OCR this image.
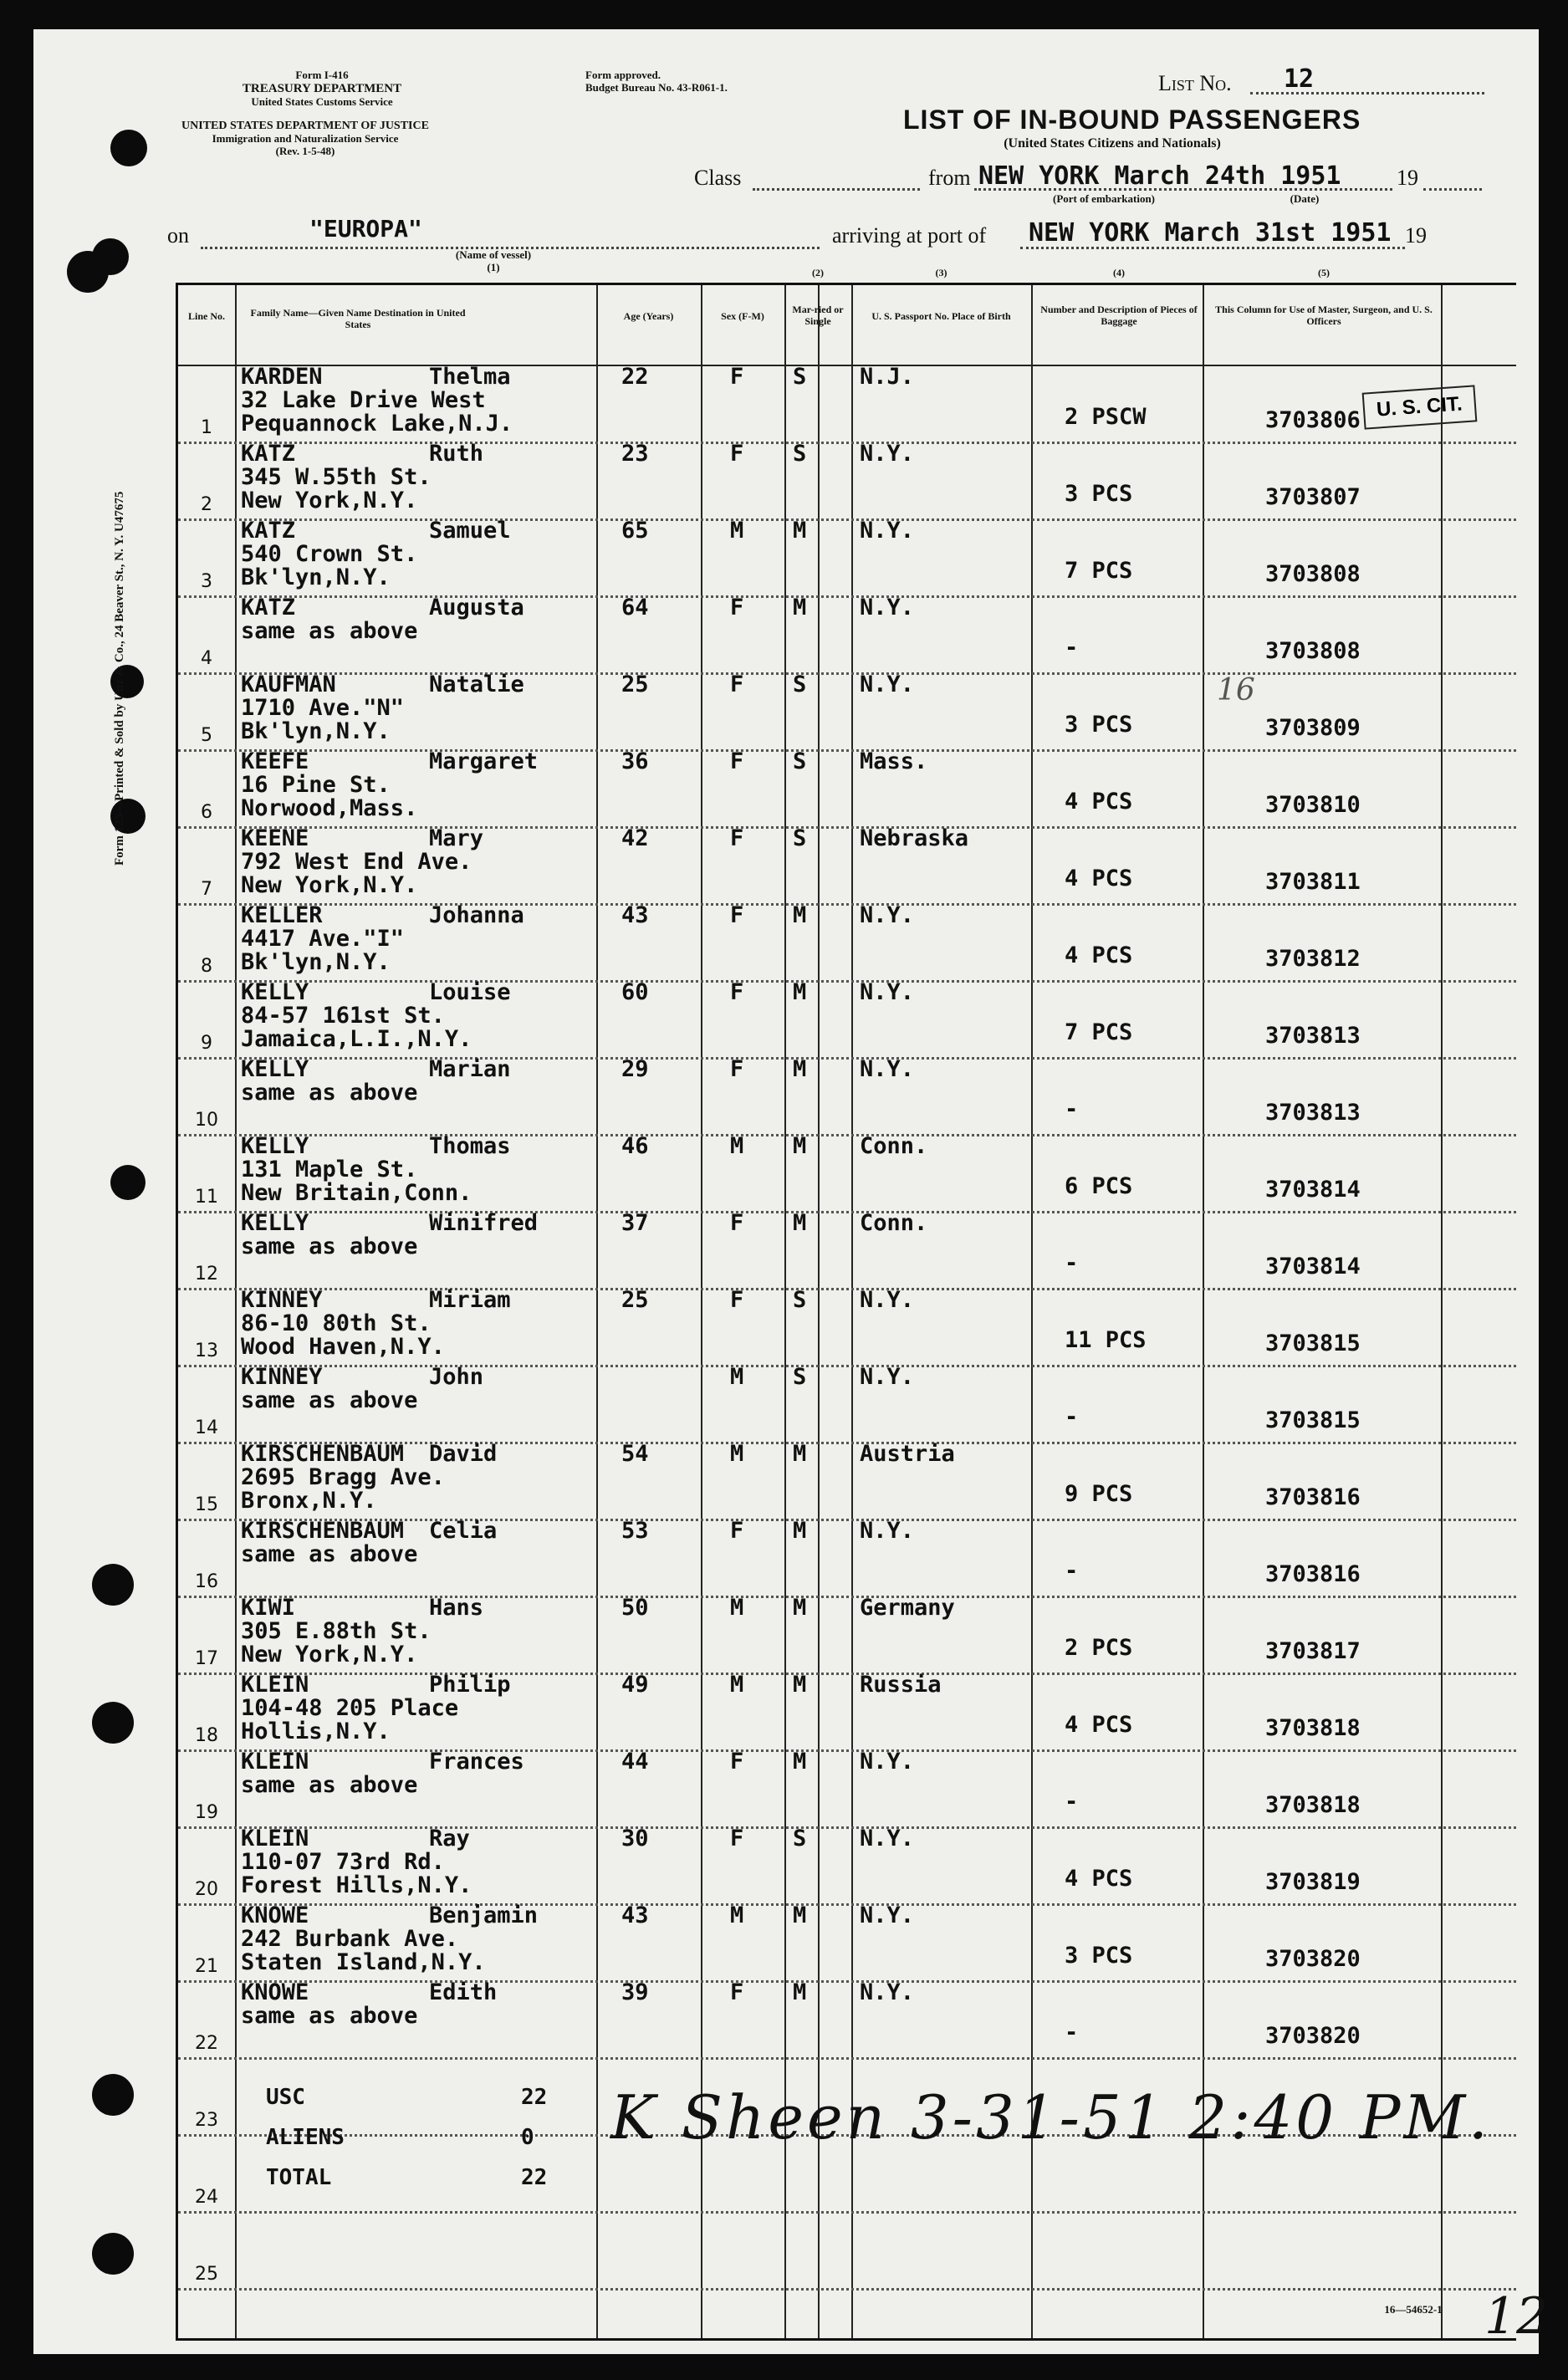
Form 125—Printed & Sold by Unz & Co., 24 Beaver St., N. Y. U47675
Form I-416
TREASURY DEPARTMENT
United States Customs Service
UNITED STATES DEPARTMENT OF JUSTICE
Immigration and Naturalization Service
(Rev. 1-5-48)
Form approved.
Budget Bureau No. 43-R061-1.	List No. 12
LIST OF IN-BOUND PASSENGERS
(United States Citizens and Nationals)
Class	from NEW YORK March 24th 1951	19
(Port of embarkation)	(Date)
on	"EUROPA"
(Name of vessel)
(1)
arriving at port of NEW YORK March 31st 1951 19
Line No.	Family Name—Given Name Destination in United States
Age (Years)	Sex (F-M)
Mar-ried or Single
(2)
U. S. Passport No. Place of Birth
(3)
Number and Description of Pieces of Baggage
(4)
This Column for Use of Master, Surgeon, and U. S. Officers
(5)
1
KARDEN	Thelma
32 Lake Drive West
Pequannock Lake,N.J.
22	F S N.J.
2 PSCW	3703806
2
KATZ	Ruth
345 W.55th St.
New York,N.Y.
23	F S N.Y.
3 PCS	3703807
3
KATZ	Samuel
540 Crown St.
Bk'lyn,N.Y.
65	M M N.Y.
7 PCS	3703808
4
KATZ	Augusta
same as above
64	F M N.Y.
-	3703808
5
KAUFMAN	Natalie
1710 Ave."N"
Bk'lyn,N.Y.
25	F S N.Y.
3 PCS	3703809
6
KEEFE	Margaret
16 Pine St.
Norwood,Mass.
36	F S Mass.
4 PCS	3703810
7
KEENE	Mary
792 West End Ave.
New York,N.Y.
42	F S Nebraska
4 PCS	3703811
8
KELLER	Johanna
4417 Ave."I"
Bk'lyn,N.Y.
43	F M N.Y.
4 PCS	3703812
9
KELLY	Louise
84-57 161st St.
Jamaica,L.I.,N.Y.
60	F M N.Y.
7 PCS	3703813
10
KELLY	Marian
same as above
29	F M N.Y.
-	3703813
11
KELLY	Thomas
131 Maple St.
New Britain,Conn.
46	M M Conn.
6 PCS	3703814
12
KELLY	Winifred
same as above
37	F M Conn.
-	3703814
13
KINNEY	Miriam
86-10 80th St.
Wood Haven,N.Y.
25	F S N.Y.
11 PCS	3703815
14
KINNEY	John
same as above
M S N.Y.
-	3703815
15
KIRSCHENBAUM David
2695 Bragg Ave.
Bronx,N.Y.
54	M M Austria
9 PCS	3703816
16
KIRSCHENBAUM Celia
same as above
53	F M N.Y.
-	3703816
17
KIWI	Hans
305 E.88th St.
New York,N.Y.
50	M M Germany
2 PCS	3703817
18
KLEIN	Philip
104-48 205 Place
Hollis,N.Y.
49	M M Russia
4 PCS	3703818
19
KLEIN	Frances
same as above
44	F M N.Y.
-	3703818
20
KLEIN	Ray
110-07 73rd Rd.
Forest Hills,N.Y.
30	F S N.Y.
4 PCS	3703819
21
KNOWE	Benjamin
242 Burbank Ave.
Staten Island,N.Y.
43	M M N.Y.
3 PCS	3703820
22
KNOWE	Edith
same as above
39	F M N.Y.
-	3703820
23
24
25
USC	22
ALIENS	0
TOTAL	22
U. S. CIT.
16
K Sheen 3-31-51 2:40 PM.
16—54652-1 12
